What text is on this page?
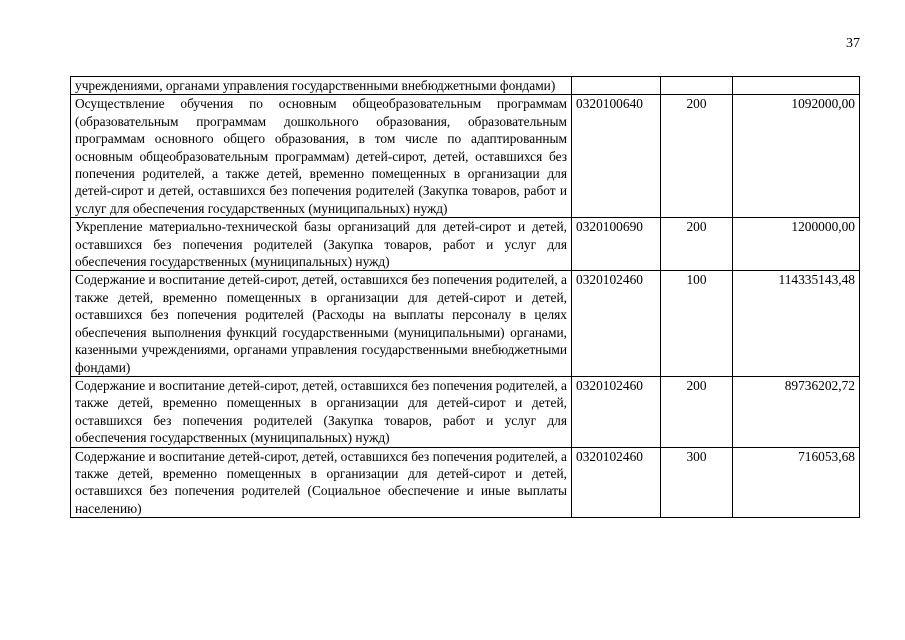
37
учреждениями, органами управления государственными внебюджетными фондами)			
Осуществление обучения по основным общеобразовательным программам (образовательным программам дошкольного образования, образовательным программам основного общего образования, в том числе по адаптированным основным общеобразовательным программам) детей-сирот, детей, оставшихся без попечения родителей, а также детей, временно помещенных в организации для детей-сирот и детей, оставшихся без попечения родителей (Закупка товаров, работ и услуг для обеспечения государственных (муниципальных) нужд)	0320100640	200	1092000,00
Укрепление материально-технической базы организаций для детей-сирот и детей, оставшихся без попечения родителей (Закупка товаров, работ и услуг для обеспечения государственных (муниципальных) нужд)	0320100690	200	1200000,00
Содержание и воспитание детей-сирот, детей, оставшихся без попечения родителей, а также детей, временно помещенных в организации для детей-сирот и детей, оставшихся без попечения родителей (Расходы на выплаты персоналу в целях обеспечения выполнения функций государственными (муниципальными) органами, казенными учреждениями, органами управления государственными внебюджетными фондами)	0320102460	100	114335143,48
Содержание и воспитание детей-сирот, детей, оставшихся без попечения родителей, а также детей, временно помещенных в организации для детей-сирот и детей, оставшихся без попечения родителей (Закупка товаров, работ и услуг для обеспечения государственных (муниципальных) нужд)	0320102460	200	89736202,72
Содержание и воспитание детей-сирот, детей, оставшихся без попечения родителей, а также детей, временно помещенных в организации для детей-сирот и детей, оставшихся без попечения родителей (Социальное обеспечение и иные выплаты населению)	0320102460	300	716053,68
